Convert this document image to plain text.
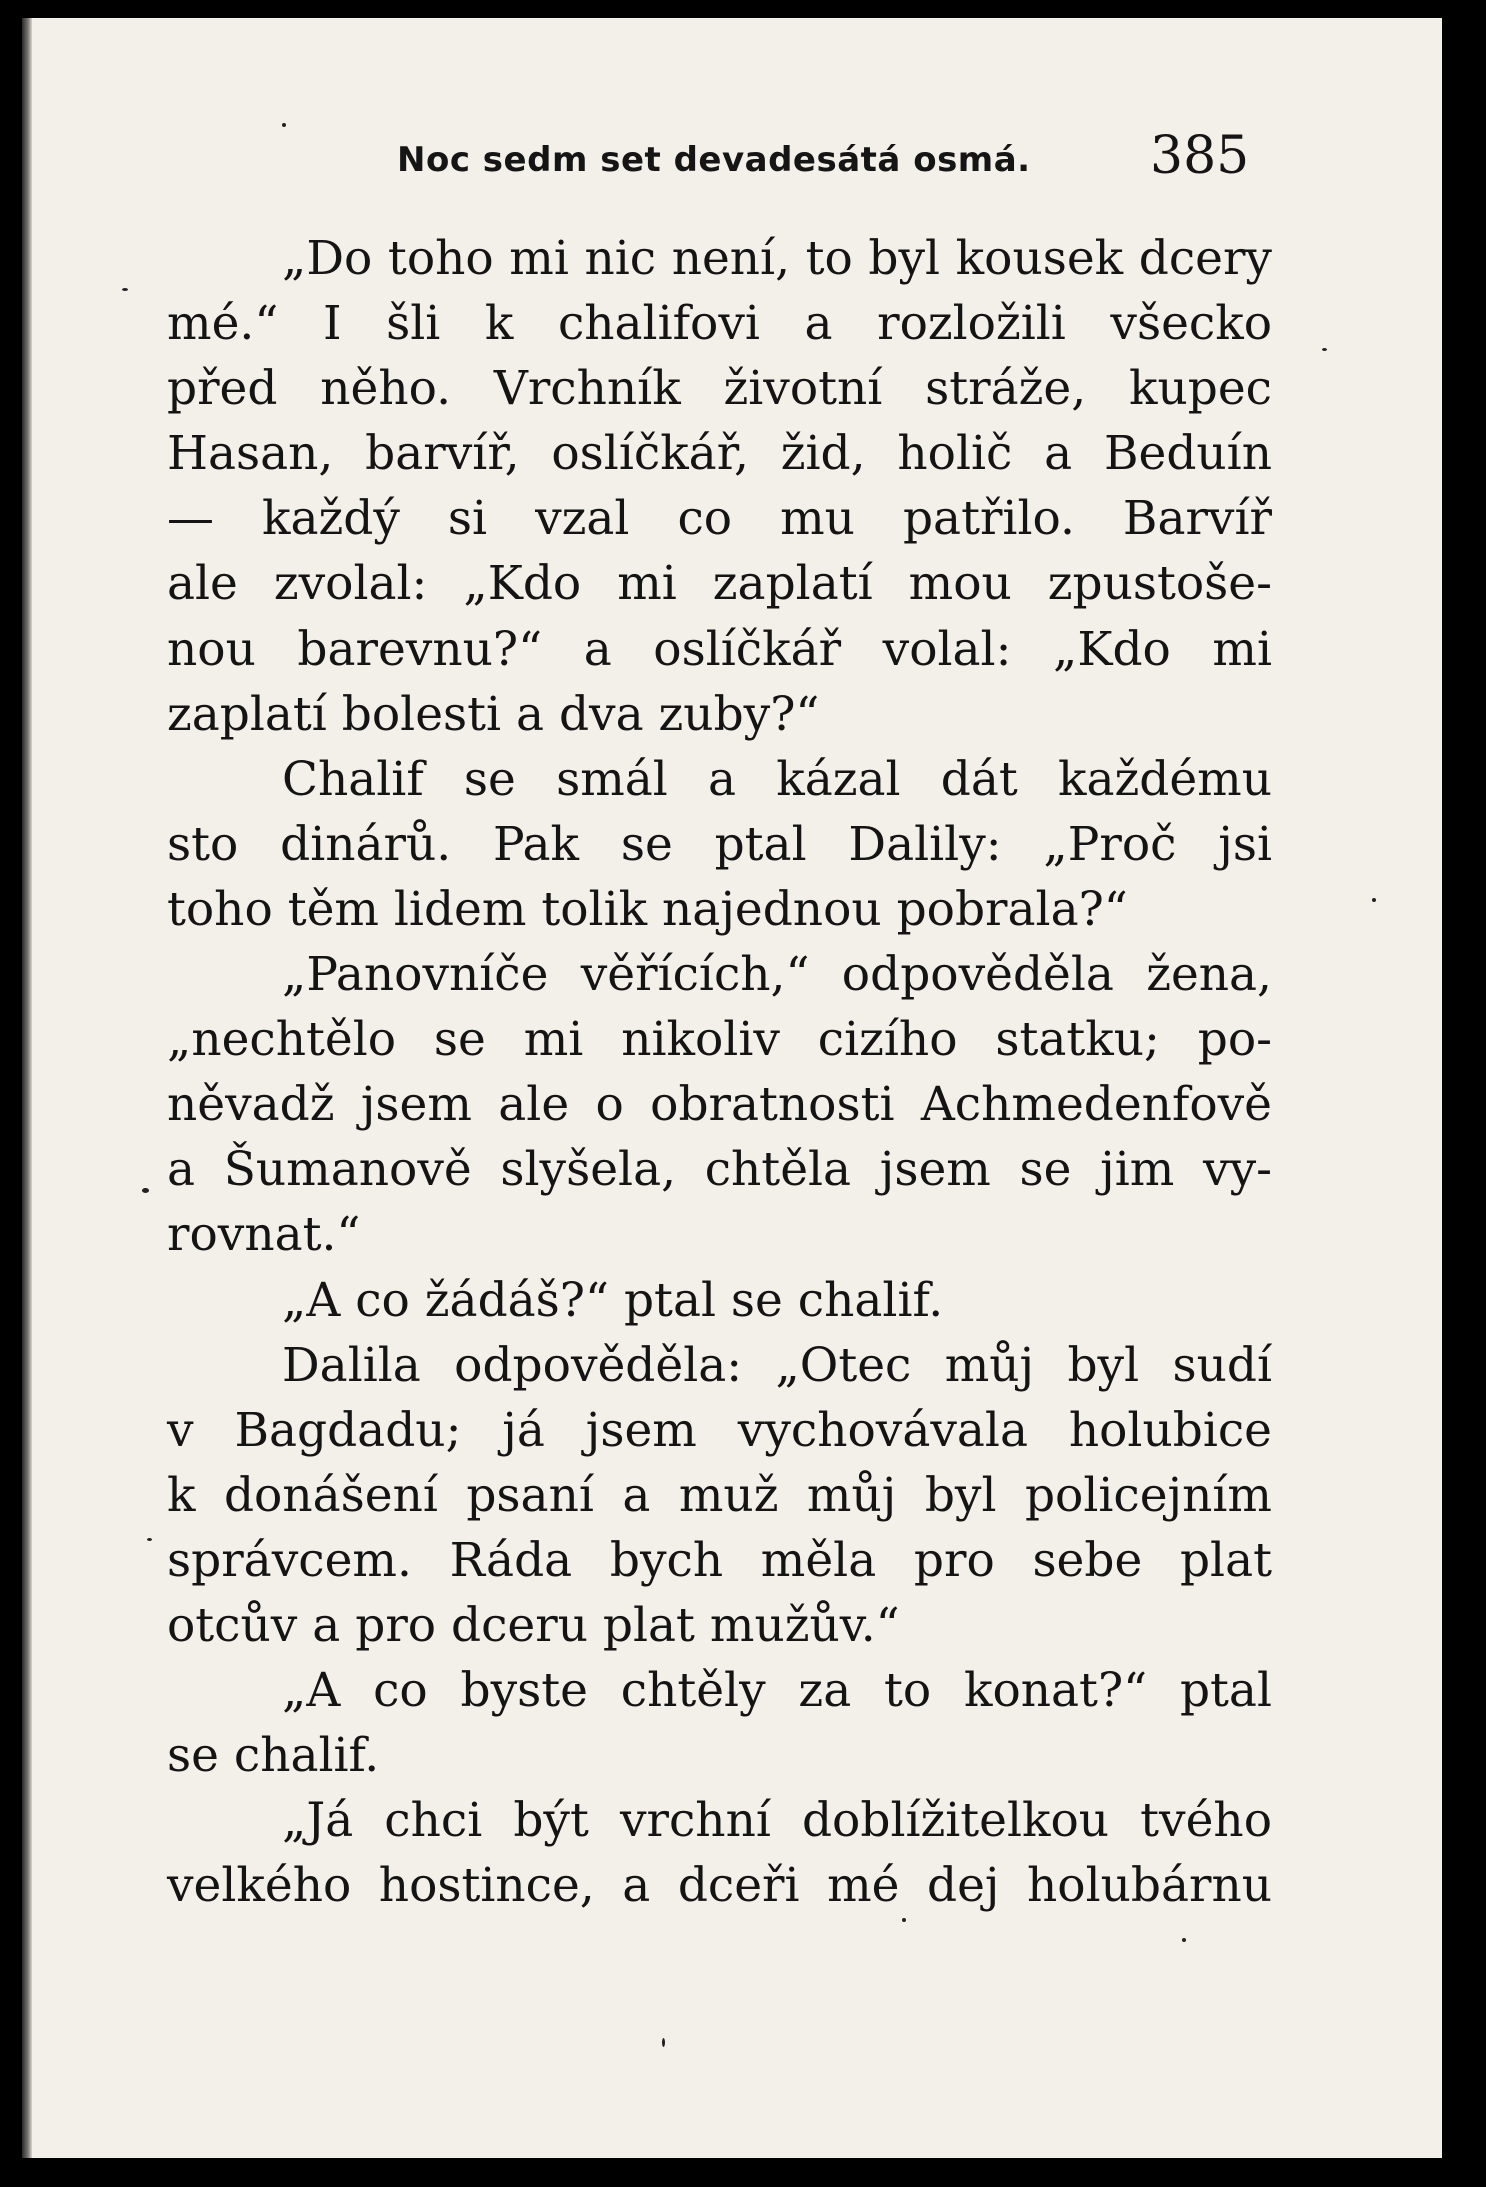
Noc sedm set devadesátá osmá. 385
„Do toho mi nic není, to byl kousek dcery
mé.“ I šli k chalifovi a rozložili všecko
před něho. Vrchník životní stráže, kupec
Hasan, barvíř, oslíčkář, žid, holič a Beduín
— každý si vzal co mu patřilo. Barvíř
ale zvolal: „Kdo mi zaplatí mou zpustoše-
nou barevnu?“ a oslíčkář volal: „Kdo mi
zaplatí bolesti a dva zuby?“
Chalif se smál a kázal dát každému
sto dinárů. Pak se ptal Dalily: „Proč jsi
toho těm lidem tolik najednou pobrala?“
„Panovníče věřících,“ odpověděla žena,
„nechtělo se mi nikoliv cizího statku; po-
něvadž jsem ale o obratnosti Achmedenfově
a Šumanově slyšela, chtěla jsem se jim vy-
rovnat.“
„A co žádáš?“ ptal se chalif.
Dalila odpověděla: „Otec můj byl sudí
v Bagdadu; já jsem vychovávala holubice
k donášení psaní a muž můj byl policejním
správcem. Ráda bych měla pro sebe plat
otcův a pro dceru plat mužův.“
„A co byste chtěly za to konat?“ ptal
se chalif.
„Já chci být vrchní doblížitelkou tvého
velkého hostince, a dceři mé dej holubárnu
